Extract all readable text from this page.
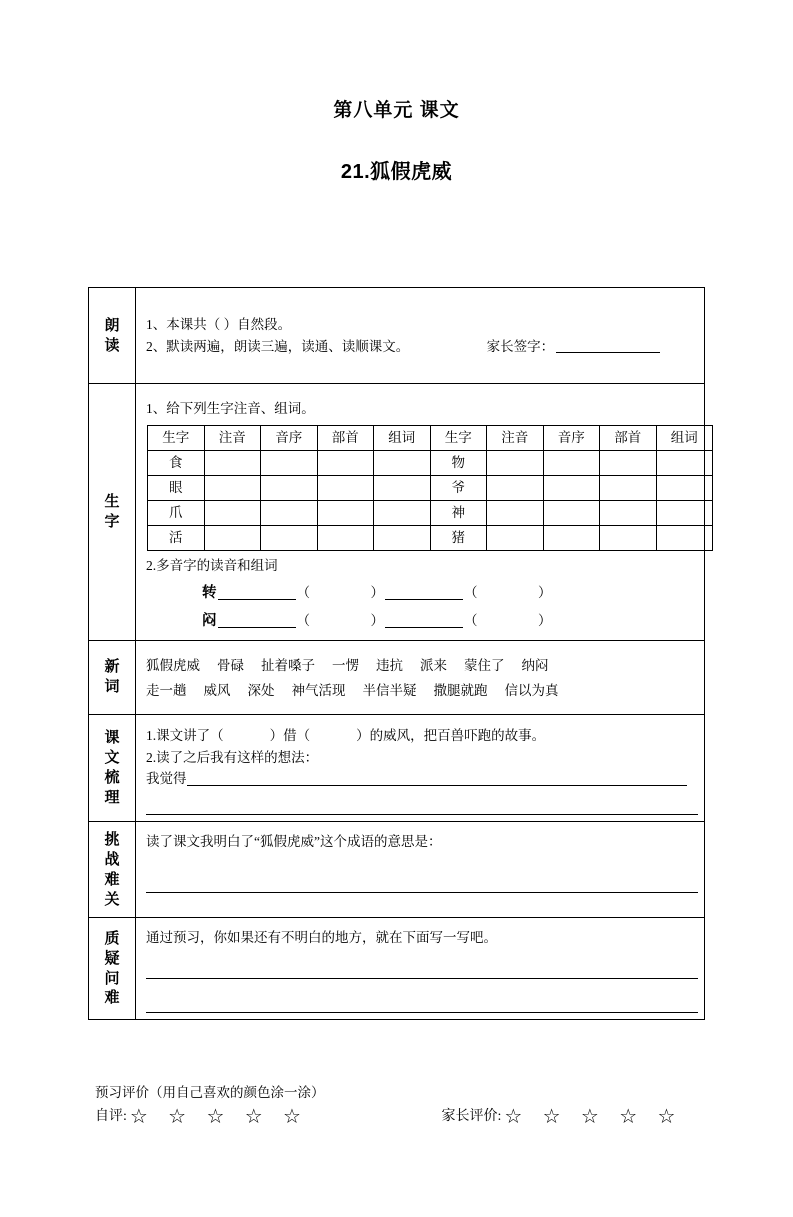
第八单元 课文
21.狐假虎威
朗读

1、本课共（ ）自然段。
2、默读两遍，朗读三遍，读通、读顺课文。	家长签字：

生字

1、给下列生字注音、组词。
生字	注音	音序	部首	组词	生字	注音	音序	部首	组词
食					物				
眼					爷				
爪					神				
活					猪				
2.多音字的读音和组词
转	（	）	（	）
闷	（	）	（	）

新词

狐假虎威 骨碌 扯着嗓子 一愣 违抗 派来 蒙住了 纳闷
走一趟 威风 深处 神气活现 半信半疑 撒腿就跑 信以为真

课文梳理

1.课文讲了（	）借（	）的威风，把百兽吓跑的故事。
2.读了之后我有这样的想法：
我觉得

挑战难关

读了课文我明白了“狐假虎威”这个成语的意思是：

质疑问难

通过预习，你如果还有不明白的地方，就在下面写一写吧。
预习评价（用自己喜欢的颜色涂一涂）
自评: ☆ ☆ ☆ ☆ ☆	家长评价: ☆ ☆ ☆ ☆ ☆
